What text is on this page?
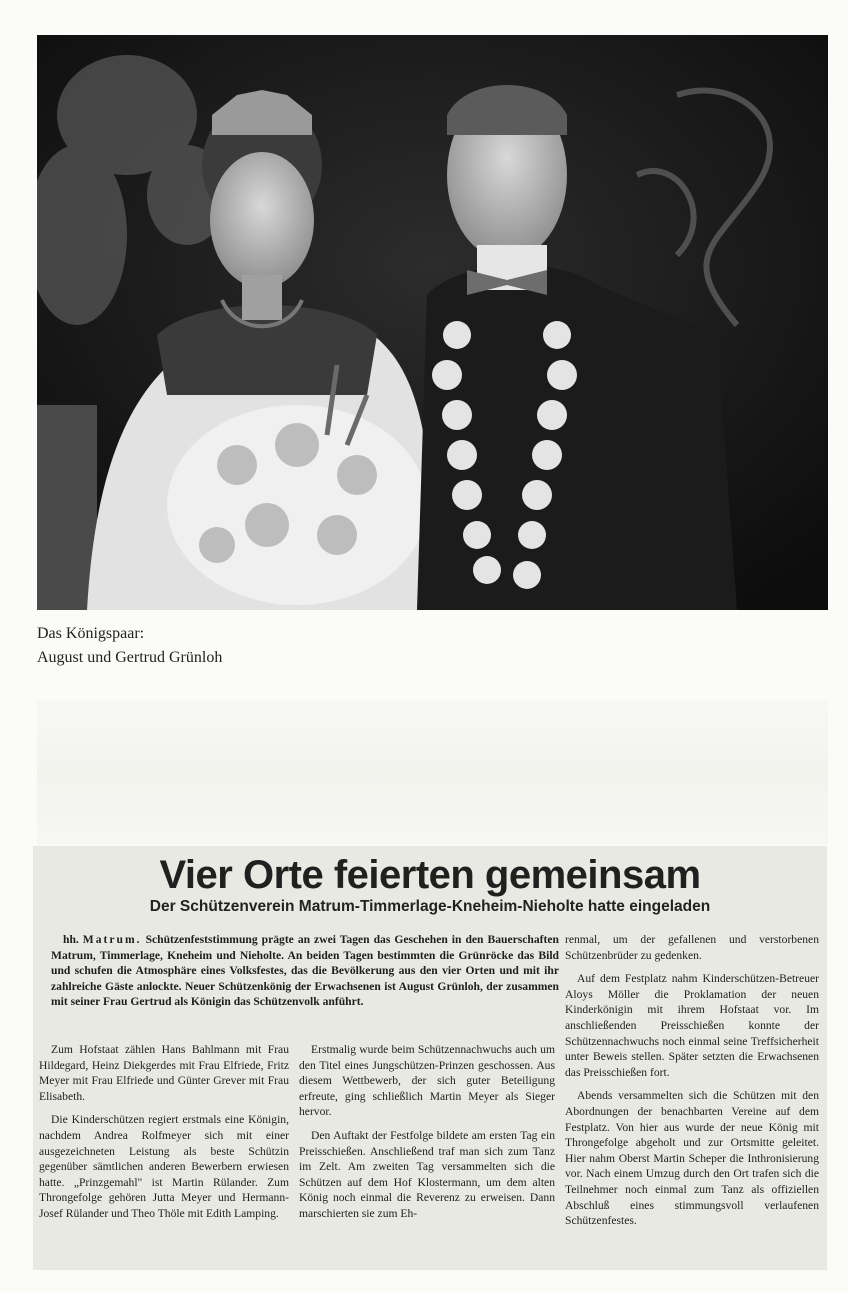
Das Königspaar:
August und Gertrud Grünloh
Vier Orte feierten gemeinsam
Der Schützenverein Matrum-Timmerlage-Kneheim-Nieholte hatte eingeladen

hh. Matrum. Schützenfeststimmung prägte an zwei Tagen das Geschehen in den Bauerschaften Matrum, Timmerlage, Kneheim und Nieholte. An beiden Tagen bestimmten die Grünröcke das Bild und schufen die Atmosphäre eines Volksfestes, das die Bevölkerung aus den vier Orten und mit ihr zahlreiche Gäste anlockte. Neuer Schützenkönig der Erwachsenen ist August Grünloh, der zusammen mit seiner Frau Gertrud als Königin das Schützenvolk anführt.

Zum Hofstaat zählen Hans Bahlmann mit Frau Hildegard, Heinz Diekgerdes mit Frau Elfriede, Fritz Meyer mit Frau Elfriede und Günter Grever mit Frau Elisabeth.

Die Kinderschützen regiert erstmals eine Königin, nachdem Andrea Rolfmeyer sich mit einer ausgezeichneten Leistung als beste Schützin gegenüber sämtlichen anderen Bewerbern erwiesen hatte. „Prinzgemahl" ist Martin Rülander. Zum Throngefolge gehören Jutta Meyer und Hermann-Josef Rülander und Theo Thöle mit Edith Lamping.

Erstmalig wurde beim Schützennachwuchs auch um den Titel eines Jungschützen-Prinzen geschossen. Aus diesem Wettbewerb, der sich guter Beteiligung erfreute, ging schließlich Martin Meyer als Sieger hervor.

Den Auftakt der Festfolge bildete am ersten Tag ein Preisschießen. Anschließend traf man sich zum Tanz im Zelt. Am zweiten Tag versammelten sich die Schützen auf dem Hof Klostermann, um dem alten König noch einmal die Reverenz zu erweisen. Dann marschierten sie zum Eh-

renmal, um der gefallenen und verstorbenen Schützenbrüder zu gedenken.

Auf dem Festplatz nahm Kinderschützen-Betreuer Aloys Möller die Proklamation der neuen Kinderkönigin mit ihrem Hofstaat vor. Im anschließenden Preisschießen konnte der Schützennachwuchs noch einmal seine Treffsicherheit unter Beweis stellen. Später setzten die Erwachsenen das Preisschießen fort.

Abends versammelten sich die Schützen mit den Abordnungen der benachbarten Vereine auf dem Festplatz. Von hier aus wurde der neue König mit Throngefolge abgeholt und zur Ortsmitte geleitet. Hier nahm Oberst Martin Scheper die Inthronisierung vor. Nach einem Umzug durch den Ort trafen sich die Teilnehmer noch einmal zum Tanz als offiziellen Abschluß eines stimmungsvoll verlaufenen Schützenfestes.
